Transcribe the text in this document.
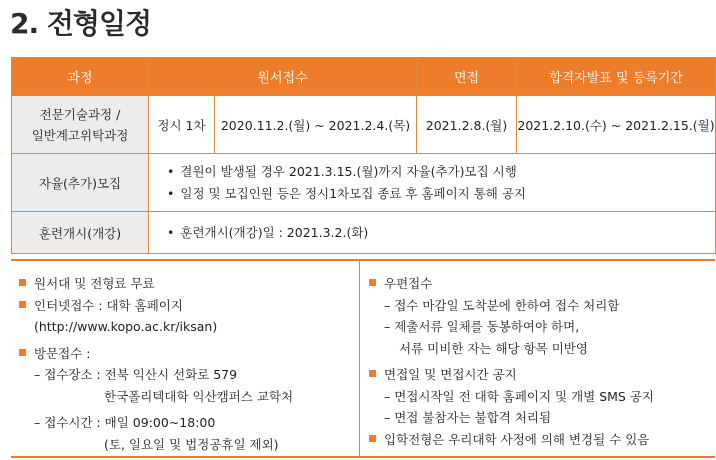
2. 전형일정
과정	원서접수		면접	합격자발표 및 등록기간

전문기술과정 /
일반계고위탁과정	정시 1차	2020.11.2.(월) ~ 2021.2.4.(목)	2021.2.8.(월)	2021.2.10.(수) ~ 2021.2.15.(월)
자율(추가)모집	• 결원이 발생될 경우 2021.3.15.(월)까지 자율(추가)모집 시행
• 일정 및 모집인원 등은 정시1차모집 종료 후 홈페이지 통해 공지			

훈련개시(개강)	• 훈련개시(개강)일 : 2021.3.2.(화)			
원서대 및 전형료 무료
인터넷접수 : 대학 홈페이지
(http://www.kopo.ac.kr/iksan)
방문접수 :
– 접수장소 : 전북 익산시 선화로 579
한국폴리텍대학 익산캠퍼스 교학처
– 접수시간 : 매일 09:00~18:00
(토, 일요일 및 법정공휴일 제외)
우편접수
– 접수 마감일 도착분에 한하여 접수 처리함
– 제출서류 일체를 동봉하여야 하며,
서류 미비한 자는 해당 항목 미반영
면접일 및 면접시간 공지
– 면접시작일 전 대학 홈페이지 및 개별 SMS 공지
– 면접 불참자는 불합격 처리됨
입학전형은 우리대학 사정에 의해 변경될 수 있음
